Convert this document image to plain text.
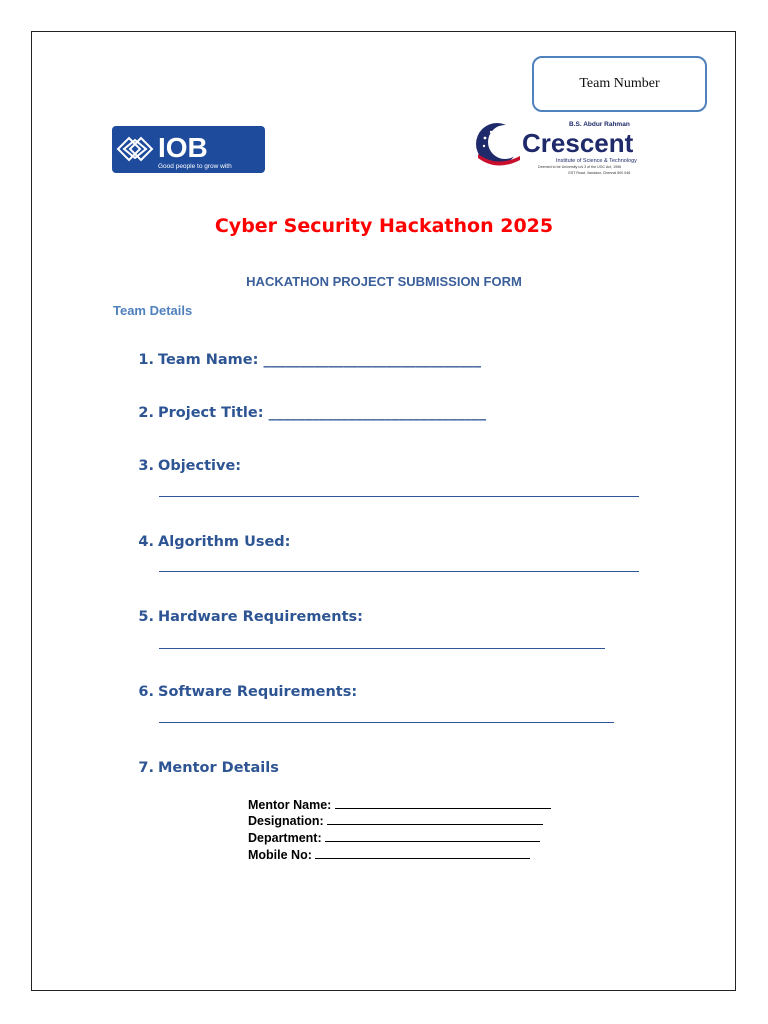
Team Number
IOB
Good people to grow with
B.S. Abdur Rahman
Crescent
Institute of Science & Technology
Deemed to be University u/s 3 of the UGC Act, 1956
GST Road, Vandalur, Chennai 600 048
Cyber Security Hackathon 2025
HACKATHON PROJECT SUBMISSION FORM
Team Details
1. Team Name: ______________________________
2. Project Title: ______________________________
3. Objective:
4. Algorithm Used:
5. Hardware Requirements:
6. Software Requirements:
7. Mentor Details
Mentor Name:
Designation:
Department:
Mobile No:
